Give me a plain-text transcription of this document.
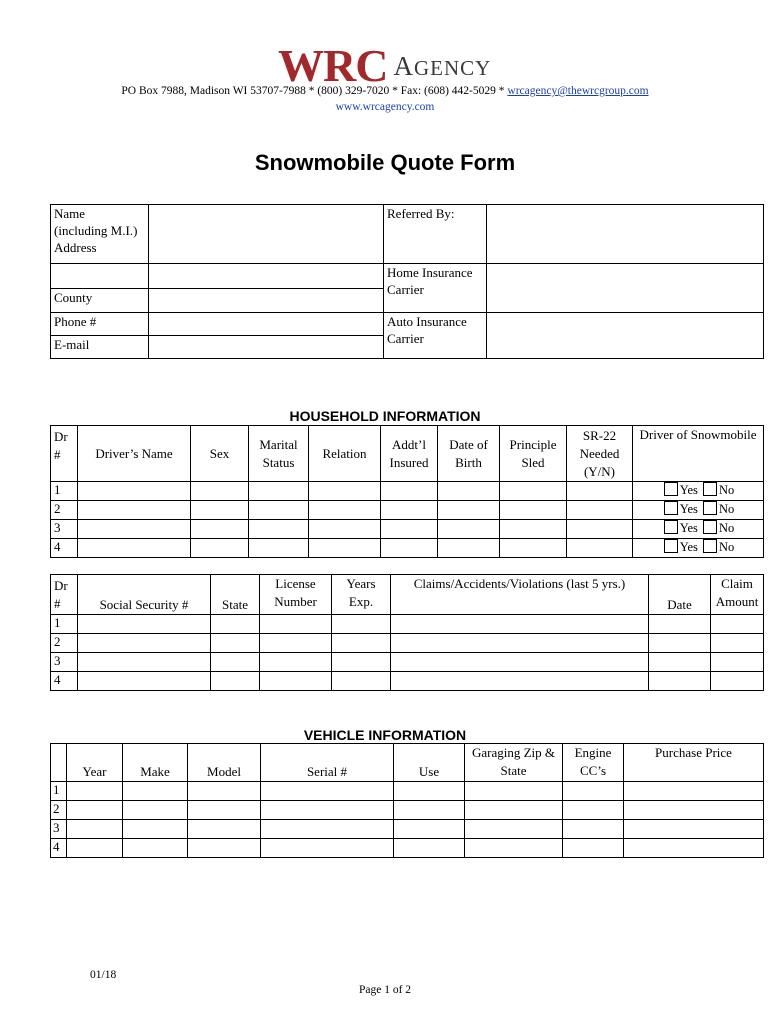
WRC AGENCY
PO Box 7988, Madison WI 53707-7988 * (800) 329-7020 * Fax: (608) 442-5029 * wrcagency@thewrcgroup.com
www.wrcagency.com
Snowmobile Quote Form
Name
(including M.I.)
Address		Referred By:	
		Home Insurance Carrier	
County			
Phone #		Auto Insurance Carrier	
E-mail			
HOUSEHOLD INFORMATION
Dr #	Driver’s Name	Sex	Marital Status	Relation	Addt’l Insured	Date of Birth	Principle Sled	SR-22 Needed (Y/N)	Driver of Snowmobile
1									Yes No
2									Yes No
3									Yes No
4									Yes No
Dr #	Social Security #	State	License Number	Years Exp.	Claims/Accidents/Violations (last 5 yrs.)	Date	Claim Amount
1							
2							
3							
4							
VEHICLE INFORMATION
	Year	Make	Model	Serial #	Use	Garaging Zip & State	Engine CC’s	Purchase Price
1								
2								
3								
4								
01/18
Page 1 of 2
